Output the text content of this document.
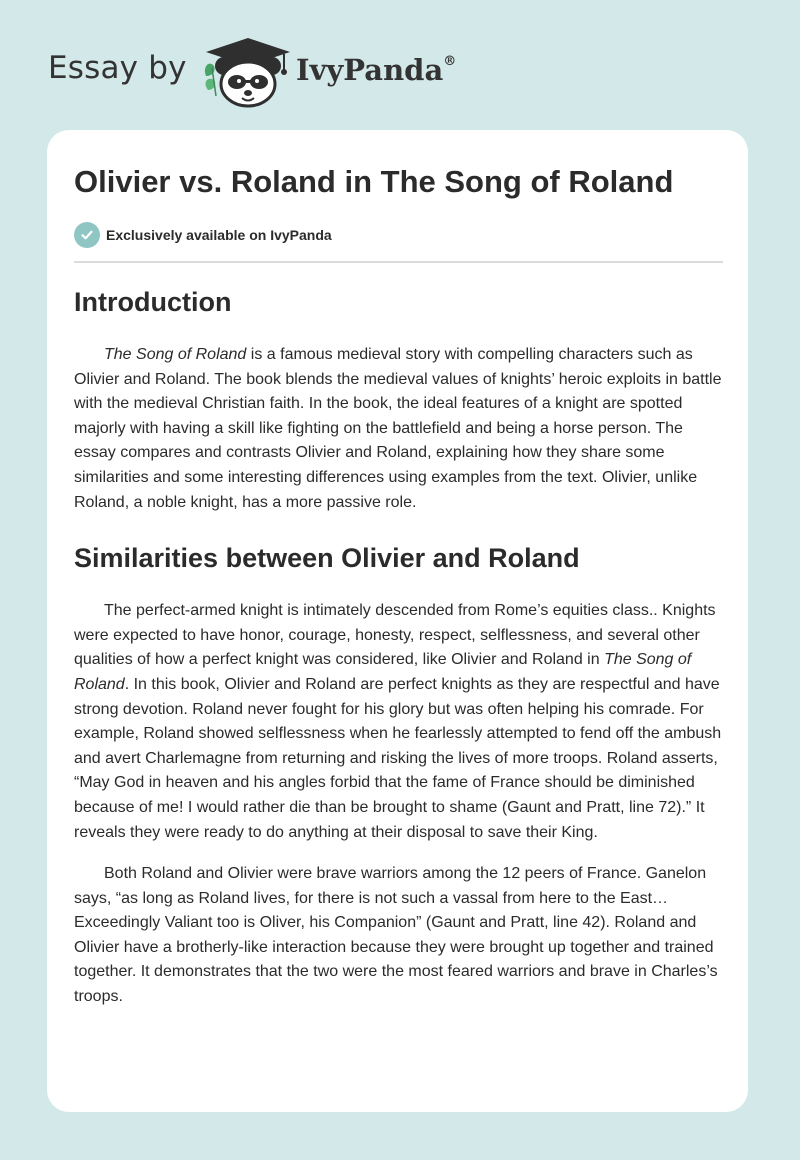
Essay by	IvyPanda®
Olivier vs. Roland in The Song of Roland
Exclusively available on IvyPanda
Introduction

The Song of Roland is a famous medieval story with compelling characters such as Olivier and Roland. The book blends the medieval values of knights’ heroic exploits in battle with the medieval Christian faith. In the book, the ideal features of a knight are spotted majorly with having a skill like fighting on the battlefield and being a horse person. The essay compares and contrasts Olivier and Roland, explaining how they share some similarities and some interesting differences using examples from the text. Olivier, unlike Roland, a noble knight, has a more passive role.

Similarities between Olivier and Roland

The perfect-armed knight is intimately descended from Rome’s equities class.. Knights were expected to have honor, courage, honesty, respect, selflessness, and several other qualities of how a perfect knight was considered, like Olivier and Roland in The Song of Roland. In this book, Olivier and Roland are perfect knights as they are respectful and have strong devotion. Roland never fought for his glory but was often helping his comrade. For example, Roland showed selflessness when he fearlessly attempted to fend off the ambush and avert Charlemagne from returning and risking the lives of more troops. Roland asserts, “May God in heaven and his angles forbid that the fame of France should be diminished because of me! I would rather die than be brought to shame (Gaunt and Pratt, line 72).” It reveals they were ready to do anything at their disposal to save their King.

Both Roland and Olivier were brave warriors among the 12 peers of France. Ganelon says, “as long as Roland lives, for there is not such a vassal from here to the East… Exceedingly Valiant too is Oliver, his Companion” (Gaunt and Pratt, line 42). Roland and Olivier have a brotherly-like interaction because they were brought up together and trained together. It demonstrates that the two were the most feared warriors and brave in Charles’s troops.
